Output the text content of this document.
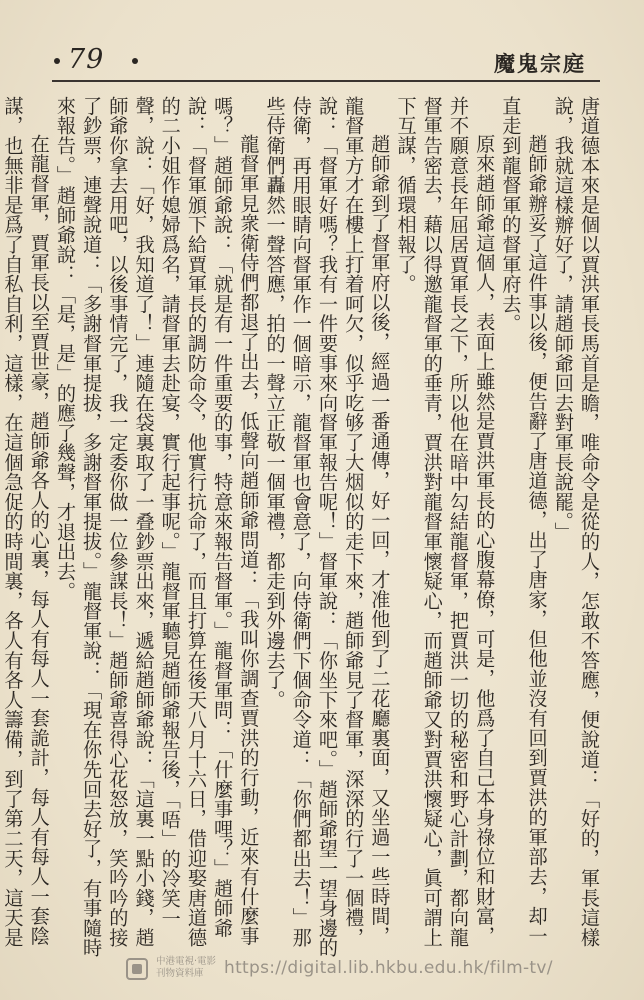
79	魔鬼宗庭

唐道德本來是個以賈洪軍長馬首是瞻，唯命令是從的人，怎敢不答應，便說道：「好的，軍長這樣說，我就這樣辦好了，請趙師爺回去對軍長說罷。」

趙師爺辦妥了這件事以後，便告辭了唐道德，出了唐家，但他並沒有回到賈洪的軍部去，却一直走到龍督軍的督軍府去。

原來趙師爺這個人，表面上雖然是賈洪軍長的心腹幕僚，可是，他爲了自己本身祿位和財富，并不願意長年屈居賈軍長之下，所以他在暗中勾結龍督軍，把賈洪一切的秘密和野心計劃，都向龍督軍告密去，藉以得邀龍督軍的垂青，賈洪對龍督軍懷疑心，而趙師爺又對賈洪懷疑心，眞可謂上下互謀，循環相報了。

趙師爺到了督軍府以後，經過一番通傳，好一回，才准他到了二花廳裏面，又坐過一些時間，龍督軍方才在樓上打着呵欠，似乎吃够了大烟似的走下來，趙師爺見了督軍，深深的行了一個禮，說：「督軍好嗎？我有一件要事來向督軍報告呢！」督軍說：「你坐下來吧。」趙師爺望一望身邊的侍衛，再用眼睛向督軍作一個暗示，龍督軍也會意了，向侍衛們下個命令道：「你們都出去！」那些侍衛們轟然一聲答應，拍的一聲立正敬一個軍禮，都走到外邊去了。

龍督軍見衆衛侍們都退了出去，低聲向趙師爺問道：「我叫你調查賈洪的行動，近來有什麼事嗎？」趙師爺說：「就是有一件重要的事，特意來報告督軍。」龍督軍問：「什麼事哩？」趙師爺說：「督軍頒下給賈軍長的調防命令，他實行抗命了，而且打算在後天八月十六日，借迎娶唐道德的二小姐作媳婦爲名，請督軍去赴宴，實行起事呢。」龍督軍聽見趙師爺報告後，「唔」的冷笑一聲，說：「好，我知道了！」連隨在袋裏取了一叠鈔票出來，遞給趙師爺說：「這裏一點小錢，趙師爺你拿去用吧，以後事情完了，我一定委你做一位參謀長！」趙師爺喜得心花怒放，笑吟吟的接了鈔票，連聲說道：「多謝督軍提拔，多謝督軍提拔。」龍督軍說：「現在你先回去好了，有事隨時來報告。」趙師爺說：「是，是」的應了幾聲，才退出去。

在龍督軍，賈軍長以至賈世豪，趙師爺各人的心裏，每人有每人一套詭計，每人有每人一套陰謀，也無非是爲了自私自利，這樣，在這個急促的時間裏，各人有各人籌備，到了第二天，這天是

中港電視·電影刊物資料庫	https://digital.lib.hkbu.edu.hk/film-tv/
